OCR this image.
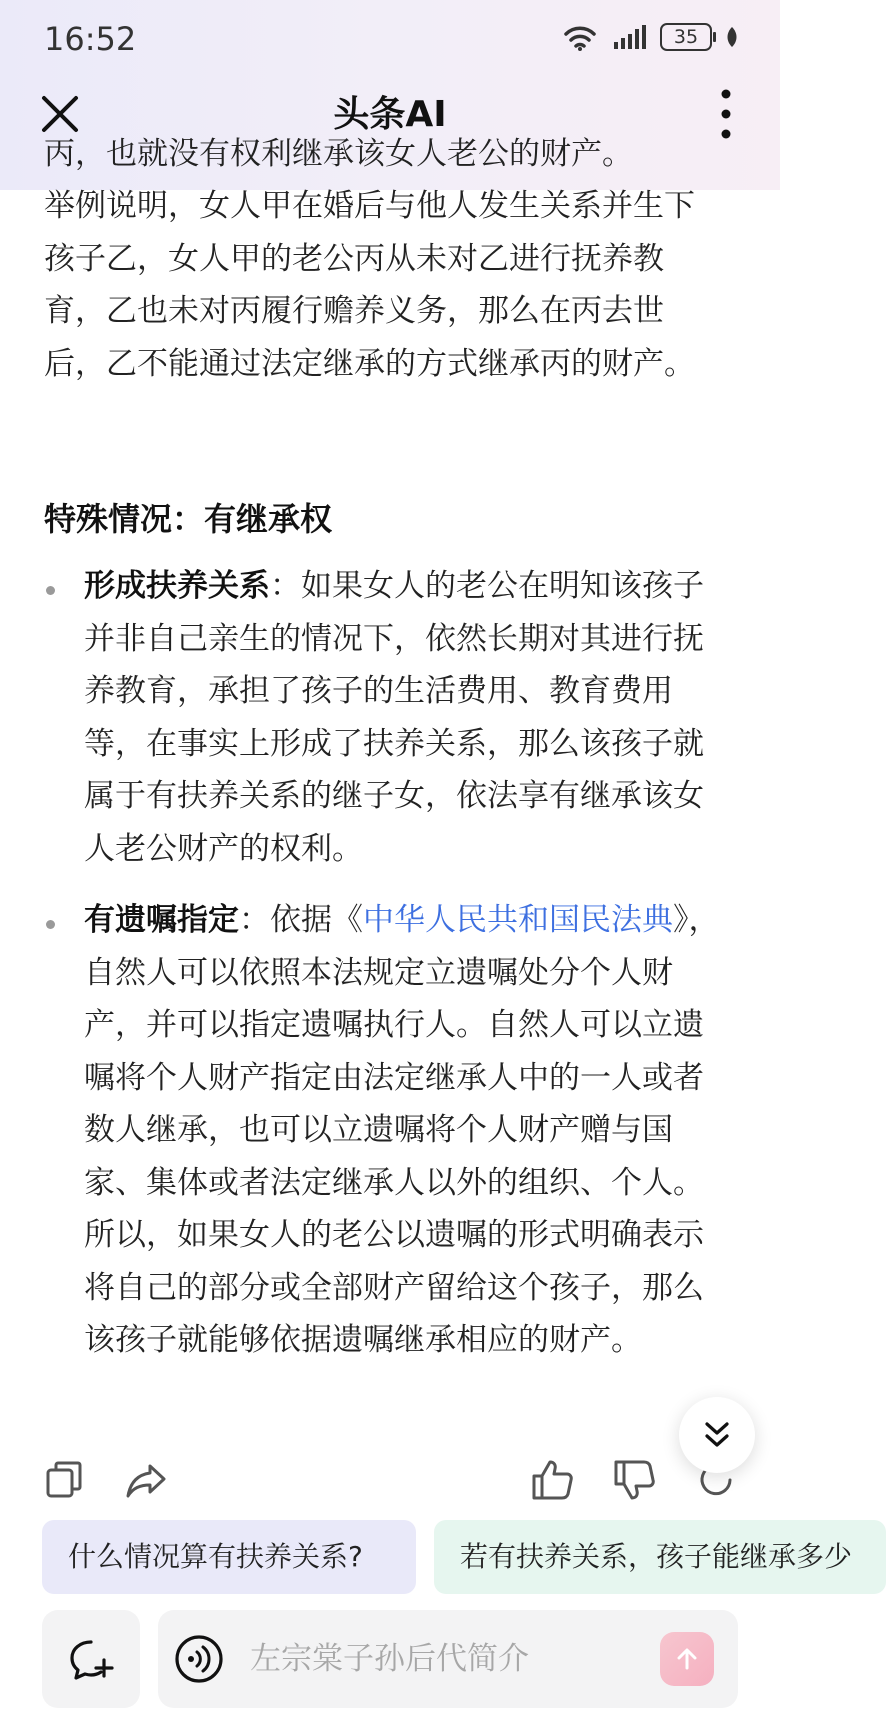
16:52	35
头条AI
丙，也就没有权利继承该女人老公的财产。

举例说明，女人甲在婚后与他人发生关系并生下孩子乙，女人甲的老公丙从未对乙进行抚养教育，乙也未对丙履行赡养义务，那么在丙去世后，乙不能通过法定继承的方式继承丙的财产。

特殊情况：有继承权

形成扶养关系：如果女人的老公在明知该孩子并非自己亲生的情况下，依然长期对其进行抚养教育，承担了孩子的生活费用、教育费用等，在事实上形成了扶养关系，那么该孩子就属于有扶养关系的继子女，依法享有继承该女人老公财产的权利。

有遗嘱指定：依据《中华人民共和国民法典》，自然人可以依照本法规定立遗嘱处分个人财产，并可以指定遗嘱执行人。自然人可以立遗嘱将个人财产指定由法定继承人中的一人或者数人继承，也可以立遗嘱将个人财产赠与国家、集体或者法定继承人以外的组织、个人。所以，如果女人的老公以遗嘱的形式明确表示将自己的部分或全部财产留给这个孩子，那么该孩子就能够依据遗嘱继承相应的财产。

什么情况算有扶养关系?	若有扶养关系，孩子能继承多少
左宗棠子孙后代简介
